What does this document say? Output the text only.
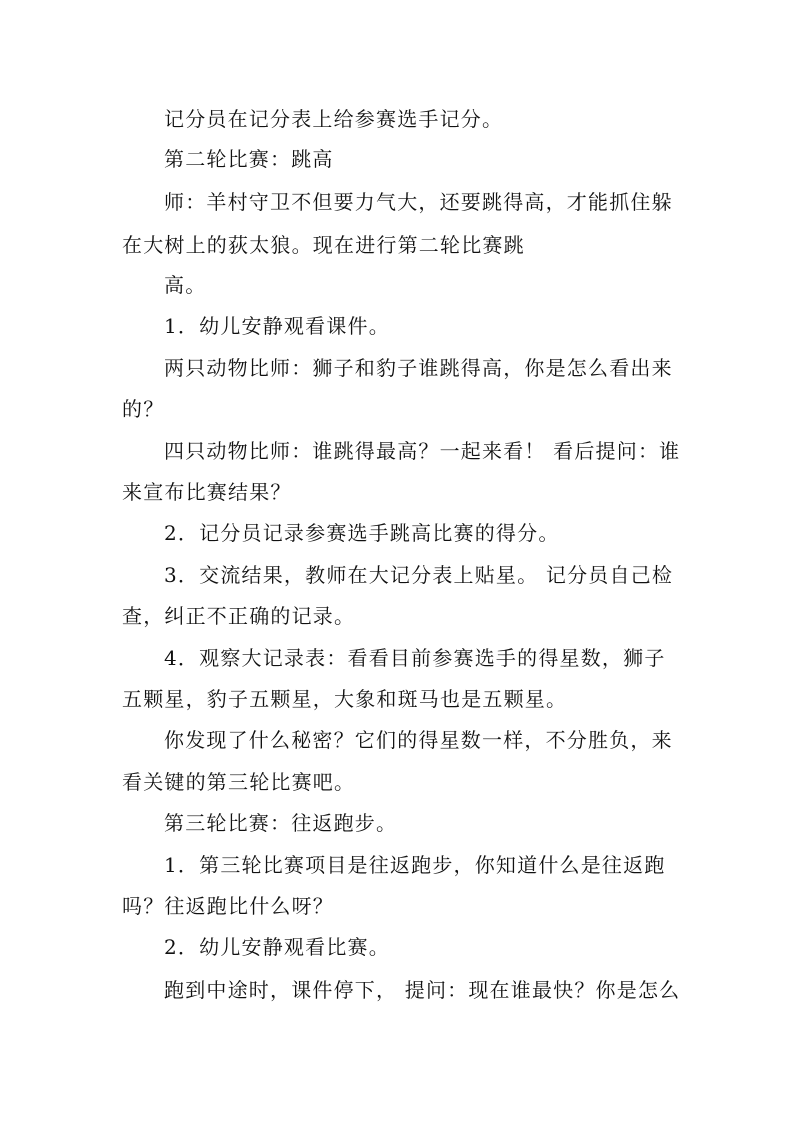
记分员在记分表上给参赛选手记分。
第二轮比赛：跳高
师：羊村守卫不但要力气大，还要跳得高，才能抓住躲
在大树上的荻太狼。现在进行第二轮比赛跳
高。
1．幼儿安静观看课件。
两只动物比师：狮子和豹子谁跳得高，你是怎么看出来
的？
四只动物比师：谁跳得最高？一起来看！ 看后提问：谁
来宣布比赛结果？
2．记分员记录参赛选手跳高比赛的得分。
3．交流结果，教师在大记分表上贴星。 记分员自己检
查，纠正不正确的记录。
4．观察大记录表：看看目前参赛选手的得星数，狮子
五颗星，豹子五颗星，大象和斑马也是五颗星。
你发现了什么秘密？它们的得星数一样，不分胜负，来
看关键的第三轮比赛吧。
第三轮比赛：往返跑步。
1．第三轮比赛项目是往返跑步，你知道什么是往返跑
吗？往返跑比什么呀？
2．幼儿安静观看比赛。
跑到中途时，课件停下， 提问：现在谁最快？你是怎么
